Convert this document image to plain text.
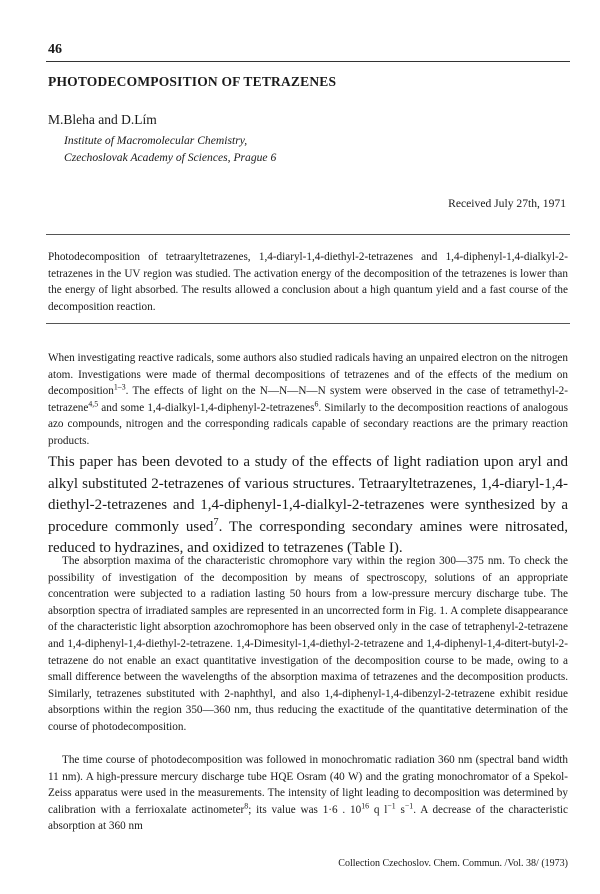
46
PHOTODECOMPOSITION OF TETRAZENES
M.Bleha and D.Lím
Institute of Macromolecular Chemistry,
Czechoslovak Academy of Sciences, Prague 6
Received July 27th, 1971
Photodecomposition of tetraaryltetrazenes, 1,4-diaryl-1,4-diethyl-2-tetrazenes and 1,4-diphenyl-1,4-dialkyl-2-tetrazenes in the UV region was studied. The activation energy of the decomposition of the tetrazenes is lower than the energy of light absorbed. The results allowed a conclusion about a high quantum yield and a fast course of the decomposition reaction.
When investigating reactive radicals, some authors also studied radicals having an unpaired electron on the nitrogen atom. Investigations were made of thermal decompositions of tetrazenes and of the effects of the medium on decomposition$^{1-3}$. The effects of light on the N—N—N—N system were observed in the case of tetramethyl-2-tetrazene$^{4,5}$ and some 1,4-dialkyl-1,4-diphenyl-2-tetrazenes$^6$. Similarly to the decomposition reactions of analogous azo compounds, nitrogen and the corresponding radicals capable of secondary reactions are the primary reaction products.
This paper has been devoted to a study of the effects of light radiation upon aryl and alkyl substituted 2-tetrazenes of various structures. Tetraaryltetrazenes, 1,4-diaryl-1,4-diethyl-2-tetrazenes and 1,4-diphenyl-1,4-dialkyl-2-tetrazenes were synthesized by a procedure commonly used$^7$. The corresponding secondary amines were nitrosated, reduced to hydrazines, and oxidized to tetrazenes (Table I).
The absorption maxima of the characteristic chromophore vary within the region 300—375 nm. To check the possibility of investigation of the decomposition by means of spectroscopy, solutions of an appropriate concentration were subjected to a radiation lasting 50 hours from a low-pressure mercury discharge tube. The absorption spectra of irradiated samples are represented in an uncorrected form in Fig. 1. A complete disappearance of the characteristic light absorption azochromophore has been observed only in the case of tetraphenyl-2-tetrazene and 1,4-diphenyl-1,4-diethyl-2-tetrazene. 1,4-Dimesityl-1,4-diethyl-2-tetrazene and 1,4-diphenyl-1,4-ditert-butyl-2-tetrazene do not enable an exact quantitative investigation of the decomposition course to be made, owing to a small difference between the wavelengths of the absorption maxima of tetrazenes and the decomposition products. Similarly, tetrazenes substituted with 2-naphthyl, and also 1,4-diphenyl-1,4-dibenzyl-2-tetrazene exhibit residue absorptions within the region 350—360 nm, thus reducing the exactitude of the quantitative determination of the course of photodecomposition.
The time course of photodecomposition was followed in monochromatic radiation 360 nm (spectral band width 11 nm). A high-pressure mercury discharge tube HQE Osram (40 W) and the grating monochromator of a Spekol-Zeiss apparatus were used in the measurements. The intensity of light leading to decomposition was determined by calibration with a ferrioxalate actinometer$^8$; its value was 1·6 . $10^{16}$ q $l^{-1}$ $s^{-1}$. A decrease of the characteristic absorption at 360 nm
Collection Czechoslov. Chem. Commun. /Vol. 38/ (1973)
